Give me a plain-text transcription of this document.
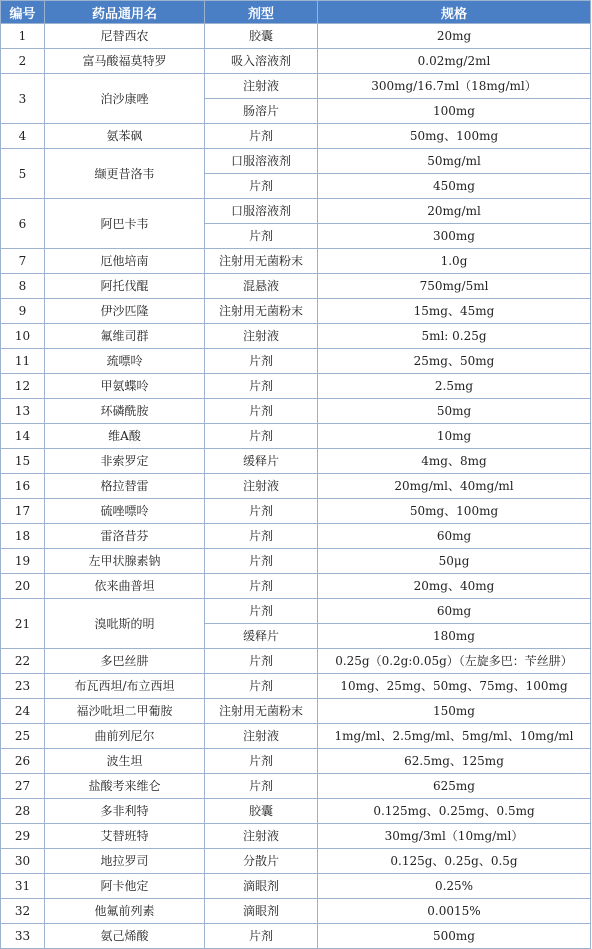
编号	药品通用名	剂型	规格
1	尼替西农	胶囊	20mg
2	富马酸福莫特罗	吸入溶液剂	0.02mg/2ml
3	泊沙康唑	注射液	300mg/16.7ml（18mg/ml）
		肠溶片	100mg
4	氨苯砜	片剂	50mg、100mg
5	缬更昔洛韦	口服溶液剂	50mg/ml
		片剂	450mg
6	阿巴卡韦	口服溶液剂	20mg/ml
		片剂	300mg
7	厄他培南	注射用无菌粉末	1.0g
8	阿托伐醌	混悬液	750mg/5ml
9	伊沙匹隆	注射用无菌粉末	15mg、45mg
10	氟维司群	注射液	5ml: 0.25g
11	巯嘌呤	片剂	25mg、50mg
12	甲氨蝶呤	片剂	2.5mg
13	环磷酰胺	片剂	50mg
14	维A酸	片剂	10mg
15	非索罗定	缓释片	4mg、8mg
16	格拉替雷	注射液	20mg/ml、40mg/ml
17	硫唑嘌呤	片剂	50mg、100mg
18	雷洛昔芬	片剂	60mg
19	左甲状腺素钠	片剂	50μg
20	依来曲普坦	片剂	20mg、40mg
21	溴吡斯的明	片剂	60mg
		缓释片	180mg
22	多巴丝肼	片剂	0.25g（0.2g:0.05g）（左旋多巴：苄丝肼）
23	布瓦西坦/布立西坦	片剂	10mg、25mg、50mg、75mg、100mg
24	福沙吡坦二甲葡胺	注射用无菌粉末	150mg
25	曲前列尼尔	注射液	1mg/ml、2.5mg/ml、5mg/ml、10mg/ml
26	波生坦	片剂	62.5mg、125mg
27	盐酸考来维仑	片剂	625mg
28	多非利特	胶囊	0.125mg、0.25mg、0.5mg
29	艾替班特	注射液	30mg/3ml（10mg/ml）
30	地拉罗司	分散片	0.125g、0.25g、0.5g
31	阿卡他定	滴眼剂	0.25%
32	他氟前列素	滴眼剂	0.0015%
33	氨己烯酸	片剂	500mg
